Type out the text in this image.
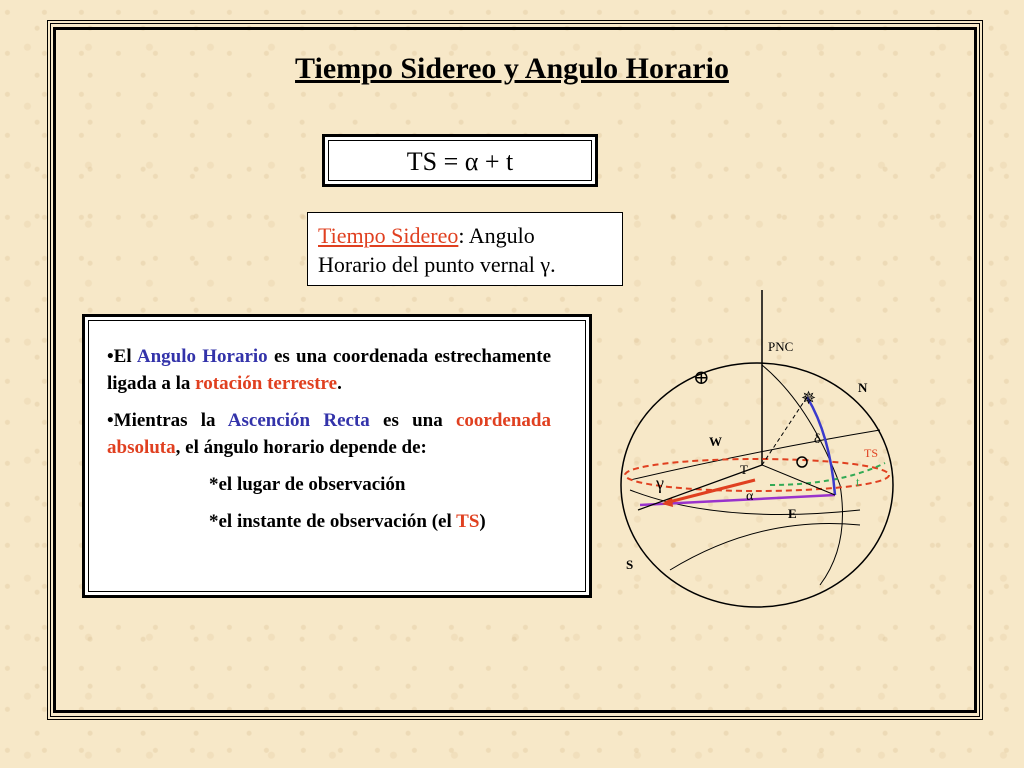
Tiempo Sidereo y Angulo Horario
TS = α + t
Tiempo Sidereo: Angulo
Horario del punto vernal γ.

•El Angulo Horario es una coordenada estrechamente ligada a la rotación terrestre.

•Mientras la Ascención Recta es una coordenada absoluta, el ángulo horario depende de:

*el lugar de observación

*el instante de observación (el TS)

✵
⊕
PNC
N
W
T
E
S
γ
TS
t
α
δ
